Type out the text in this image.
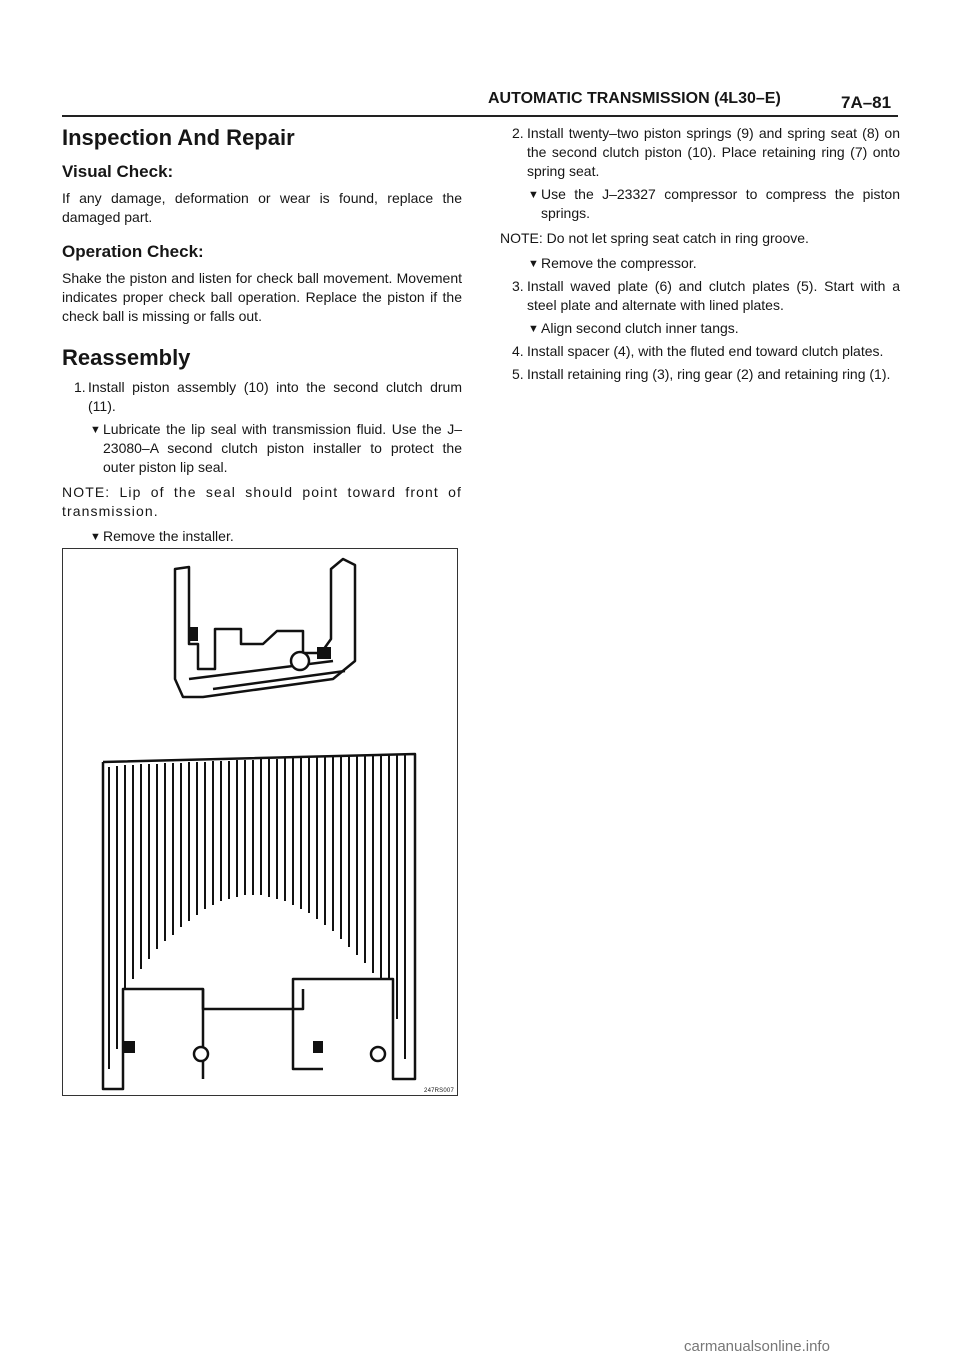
AUTOMATIC TRANSMISSION (4L30–E)	7A–81
Inspection And Repair
Visual Check:

If any damage, deformation or wear is found, replace the damaged part.

Operation Check:

Shake the piston and listen for check ball movement. Movement indicates proper check ball operation. Replace the piston if the check ball is missing or falls out.

Reassembly
1. Install piston assembly (10) into the second clutch drum (11).
▼ Lubricate the lip seal with transmission fluid. Use the J–23080–A second clutch piston installer to protect the outer piston lip seal.

NOTE: Lip of the seal should point toward front of transmission.

▼ Remove the installer.
247RS007
2. Install twenty–two piston springs (9) and spring seat (8) on the second clutch piston (10). Place retaining ring (7) onto spring seat.
▼ Use the J–23327 compressor to compress the piston springs.

NOTE: Do not let spring seat catch in ring groove.

▼ Remove the compressor.
3. Install waved plate (6) and clutch plates (5). Start with a steel plate and alternate with lined plates.
▼ Align second clutch inner tangs.
4. Install spacer (4), with the fluted end toward clutch plates.
5. Install retaining ring (3), ring gear (2) and retaining ring (1).
carmanualsonline.info
